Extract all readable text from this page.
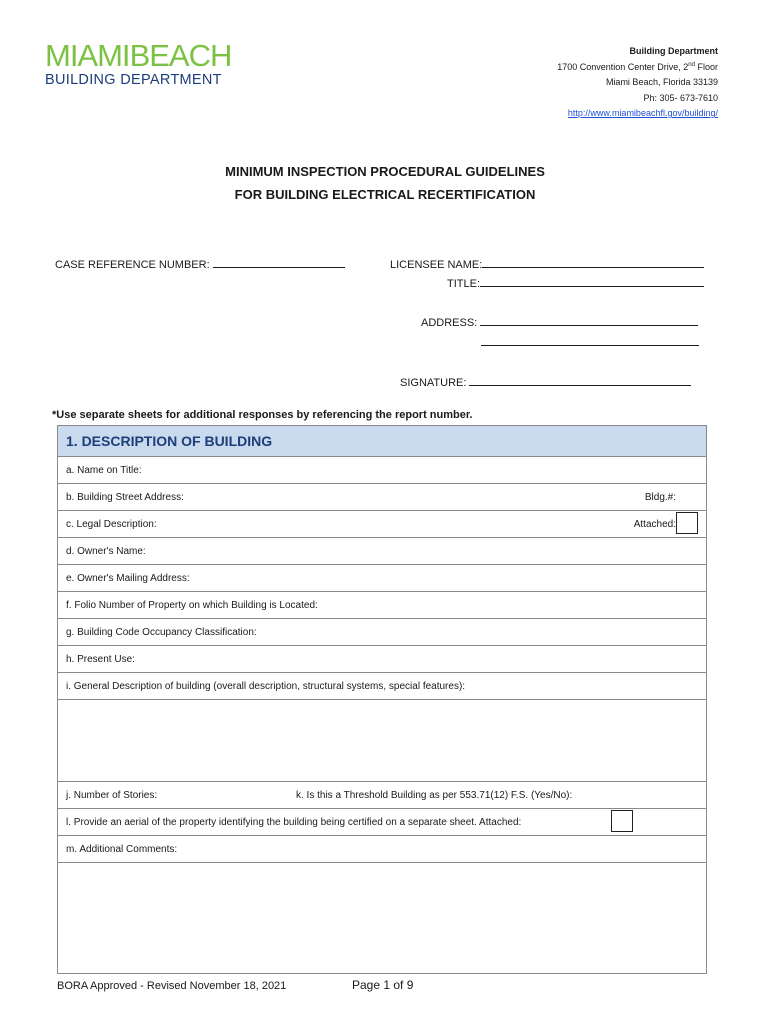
MIAMIBEACH
BUILDING DEPARTMENT
Building Department
1700 Convention Center Drive, 2nd Floor
Miami Beach, Florida 33139
Ph: 305- 673-7610
http://www.miamibeachfl.gov/building/
MINIMUM INSPECTION PROCEDURAL GUIDELINES
FOR BUILDING ELECTRICAL RECERTIFICATION
CASE REFERENCE NUMBER:	LICENSEE NAME:
TITLE:
ADDRESS:
SIGNATURE:
*Use separate sheets for additional responses by referencing the report number.
1. DESCRIPTION OF BUILDING
a. Name on Title:
b. Building Street Address:	Bldg.#:
c. Legal Description:	Attached:
d. Owner's Name:
e. Owner's Mailing Address:
f. Folio Number of Property on which Building is Located:
g. Building Code Occupancy Classification:
h. Present Use:
i. General Description of building (overall description, structural systems, special features):
j. Number of Stories:	k. Is this a Threshold Building as per 553.71(12) F.S. (Yes/No):
l. Provide an aerial of the property identifying the building being certified on a separate sheet. Attached:
m. Additional Comments:
BORA Approved - Revised November 18, 2021	Page 1 of 9
